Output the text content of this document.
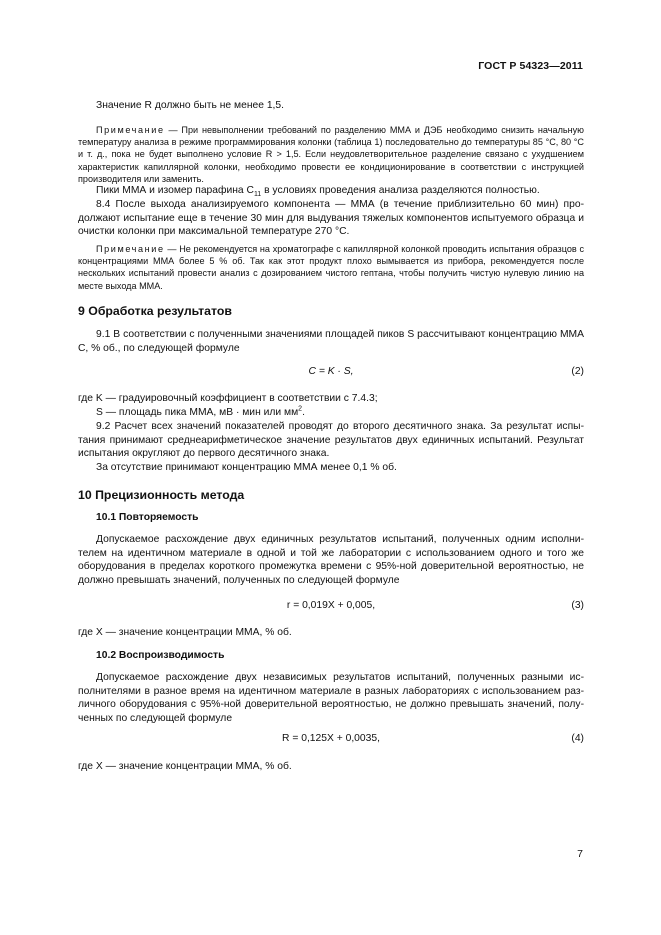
ГОСТ Р 54323—2011

Значение R должно быть не менее 1,5.

Примечание — При невыполнении требований по разделению ММА и ДЭБ необходимо снизить начальную температуру анализа в режиме программирования колонки (таблица 1) последовательно до температуры 85 °С, 80 °С и т. д., пока не будет выполнено условие R > 1,5. Если неудовлетворительное разделение связано с ухудшением характеристик капиллярной колонки, необходимо провести ее кондиционирование в соответствии с инструкцией производителя или заменить.

Пики ММА и изомер парафина $С_{11}$ в условиях проведения анализа разделяются полностью.

8.4 После выхода анализируемого компонента — ММА (в течение приблизительно 60 мин) продолжают испытание еще в течение 30 мин для выдувания тяжелых компонентов испытуемого образца и очистки колонки при максимальной температуре 270 °С.

Примечание — Не рекомендуется на хроматографе с капиллярной колонкой проводить испытания образцов с концентрациями ММА более 5 % об. Так как этот продукт плохо вымывается из прибора, рекомендуется после нескольких испытаний провести анализ с дозированием чистого гептана, чтобы получить чистую нулевую линию на месте выхода ММА.

9 Обработка результатов

9.1 В соответствии с полученными значениями площадей пиков S рассчитывают концентрацию ММА С, % об., по следующей формуле

С = K · S,	(2)

где K — градуировочный коэффициент в соответствии с 7.4.3;

S — площадь пика ММА, мВ · мин или $мм^2$.

9.2 Расчет всех значений показателей проводят до второго десятичного знака. За результат испытания принимают среднеарифметическое значение результатов двух единичных испытаний. Результат испытания округляют до первого десятичного знака.

За отсутствие принимают концентрацию ММА менее 0,1 % об.

10 Прецизионность метода
10.1 Повторяемость

Допускаемое расхождение двух единичных результатов испытаний, полученных одним исполнителем на идентичном материале в одной и той же лаборатории с использованием одного и того же оборудования в пределах короткого промежутка времени с 95%-ной доверительной вероятностью, не должно превышать значений, полученных по следующей формуле

r = 0,019X + 0,005,	(3)

где X — значение концентрации ММА, % об.

10.2 Воспроизводимость

Допускаемое расхождение двух независимых результатов испытаний, полученных разными исполнителями в разное время на идентичном материале в разных лабораториях с использованием различного оборудования с 95%-ной доверительной вероятностью, не должно превышать значений, полученных по следующей формуле

R = 0,125X + 0,0035,	(4)

где X — значение концентрации ММА, % об.

7
